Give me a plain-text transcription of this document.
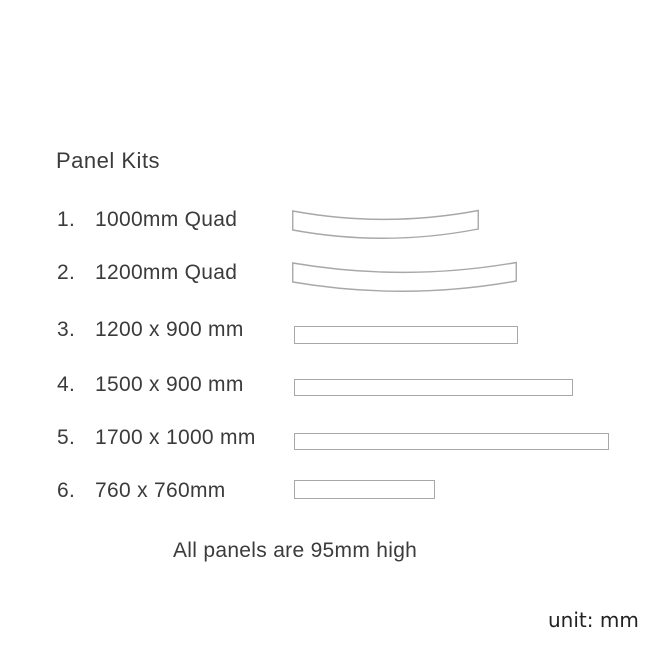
Panel Kits
1. 1000mm Quad
2. 1200mm Quad
3. 1200 x 900 mm
4. 1500 x 900 mm
5. 1700 x 1000 mm
6. 760 x 760mm
All panels are 95mm high
unit: mm
